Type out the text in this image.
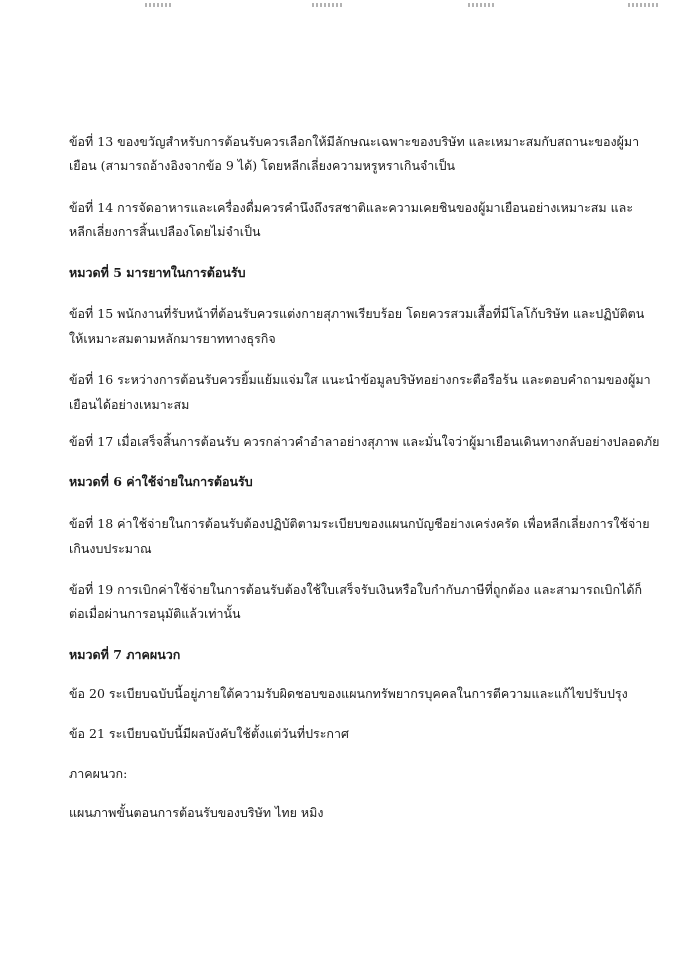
ข้อที่ 13 ของขวัญสำหรับการต้อนรับควรเลือกให้มีลักษณะเฉพาะของบริษัท และเหมาะสมกับสถานะของผู้มา
เยือน (สามารถอ้างอิงจากข้อ 9 ได้) โดยหลีกเลี่ยงความหรูหราเกินจำเป็น
ข้อที่ 14 การจัดอาหารและเครื่องดื่มควรคำนึงถึงรสชาติและความเคยชินของผู้มาเยือนอย่างเหมาะสม และ
หลีกเลี่ยงการสิ้นเปลืองโดยไม่จำเป็น
หมวดที่ 5 มารยาทในการต้อนรับ
ข้อที่ 15 พนักงานที่รับหน้าที่ต้อนรับควรแต่งกายสุภาพเรียบร้อย โดยควรสวมเสื้อที่มีโลโก้บริษัท และปฏิบัติตน
ให้เหมาะสมตามหลักมารยาททางธุรกิจ
ข้อที่ 16 ระหว่างการต้อนรับควรยิ้มแย้มแจ่มใส แนะนำข้อมูลบริษัทอย่างกระตือรือร้น และตอบคำถามของผู้มา
เยือนได้อย่างเหมาะสม
ข้อที่ 17 เมื่อเสร็จสิ้นการต้อนรับ ควรกล่าวคำอำลาอย่างสุภาพ และมั่นใจว่าผู้มาเยือนเดินทางกลับอย่างปลอดภัย
หมวดที่ 6 ค่าใช้จ่ายในการต้อนรับ
ข้อที่ 18 ค่าใช้จ่ายในการต้อนรับต้องปฏิบัติตามระเบียบของแผนกบัญชีอย่างเคร่งครัด เพื่อหลีกเลี่ยงการใช้จ่าย
เกินงบประมาณ
ข้อที่ 19 การเบิกค่าใช้จ่ายในการต้อนรับต้องใช้ใบเสร็จรับเงินหรือใบกำกับภาษีที่ถูกต้อง และสามารถเบิกได้ก็
ต่อเมื่อผ่านการอนุมัติแล้วเท่านั้น
หมวดที่ 7 ภาคผนวก
ข้อ 20 ระเบียบฉบับนี้อยู่ภายใต้ความรับผิดชอบของแผนกทรัพยากรบุคคลในการตีความและแก้ไขปรับปรุง
ข้อ 21 ระเบียบฉบับนี้มีผลบังคับใช้ตั้งแต่วันที่ประกาศ
ภาคผนวก:
แผนภาพขั้นตอนการต้อนรับของบริษัท ไทย หมิง
